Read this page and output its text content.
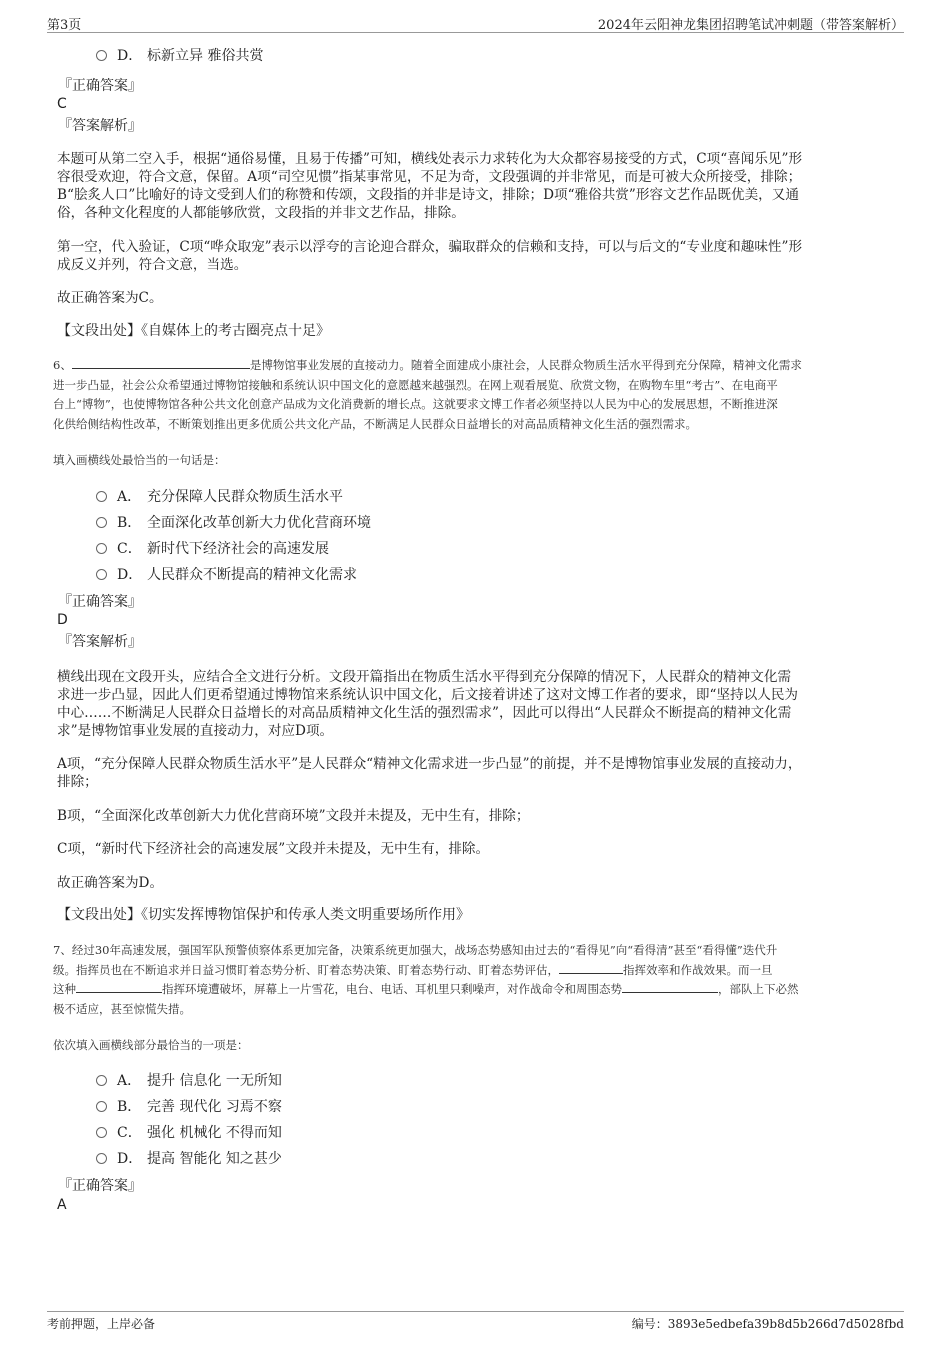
第3页	2024年云阳神龙集团招聘笔试冲刺题（带答案解析）
D． 标新立异 雅俗共赏
『正确答案』
C
『答案解析』
本题可从第二空入手，根据“通俗易懂，且易于传播”可知，横线处表示力求转化为大众都容易接受的方式，C项“喜闻乐见”形
容很受欢迎，符合文意，保留。A项“司空见惯”指某事常见，不足为奇，文段强调的并非常见，而是可被大众所接受，排除；
B“脍炙人口”比喻好的诗文受到人们的称赞和传颂，文段指的并非是诗文，排除；D项“雅俗共赏”形容文艺作品既优美，又通
俗，各种文化程度的人都能够欣赏，文段指的并非文艺作品，排除。
第一空，代入验证，C项“哗众取宠”表示以浮夸的言论迎合群众，骗取群众的信赖和支持，可以与后文的“专业度和趣味性”形
成反义并列，符合文意，当选。
故正确答案为C。
【文段出处】《自媒体上的考古圈亮点十足》
6、	是博物馆事业发展的直接动力。随着全面建成小康社会，人民群众物质生活水平得到充分保障，精神文化需求
进一步凸显，社会公众希望通过博物馆接触和系统认识中国文化的意愿越来越强烈。在网上观看展览、欣赏文物，在购物车里“考古”、在电商平
台上“博物”，也使博物馆各种公共文化创意产品成为文化消费新的增长点。这就要求文博工作者必须坚持以人民为中心的发展思想，不断推进深
化供给侧结构性改革，不断策划推出更多优质公共文化产品，不断满足人民群众日益增长的对高品质精神文化生活的强烈需求。
填入画横线处最恰当的一句话是：
A． 充分保障人民群众物质生活水平
B． 全面深化改革创新大力优化营商环境
C． 新时代下经济社会的高速发展
D． 人民群众不断提高的精神文化需求
『正确答案』
D
『答案解析』
横线出现在文段开头，应结合全文进行分析。文段开篇指出在物质生活水平得到充分保障的情况下，人民群众的精神文化需
求进一步凸显，因此人们更希望通过博物馆来系统认识中国文化，后文接着讲述了这对文博工作者的要求，即“坚持以人民为
中心……不断满足人民群众日益增长的对高品质精神文化生活的强烈需求”，因此可以得出“人民群众不断提高的精神文化需
求”是博物馆事业发展的直接动力，对应D项。
A项，“充分保障人民群众物质生活水平”是人民群众“精神文化需求进一步凸显”的前提，并不是博物馆事业发展的直接动力，
排除；
B项，“全面深化改革创新大力优化营商环境”文段并未提及，无中生有，排除；
C项，“新时代下经济社会的高速发展”文段并未提及，无中生有，排除。
故正确答案为D。
【文段出处】《切实发挥博物馆保护和传承人类文明重要场所作用》
7、经过30年高速发展，强国军队预警侦察体系更加完备，决策系统更加强大，战场态势感知由过去的“看得见”向“看得清”甚至“看得懂”迭代升
级。指挥员也在不断追求并日益习惯盯着态势分析、盯着态势决策、盯着态势行动、盯着态势评估，	指挥效率和作战效果。而一旦
这种	指挥环境遭破坏，屏幕上一片雪花，电台、电话、耳机里只剩噪声，对作战命令和周围态势	，部队上下必然
极不适应，甚至惊慌失措。
依次填入画横线部分最恰当的一项是：
A． 提升 信息化 一无所知
B． 完善 现代化 习焉不察
C． 强化 机械化 不得而知
D． 提高 智能化 知之甚少
『正确答案』
A
考前押题，上岸必备	编号：3893e5edbefa39b8d5b266d7d5028fbd
